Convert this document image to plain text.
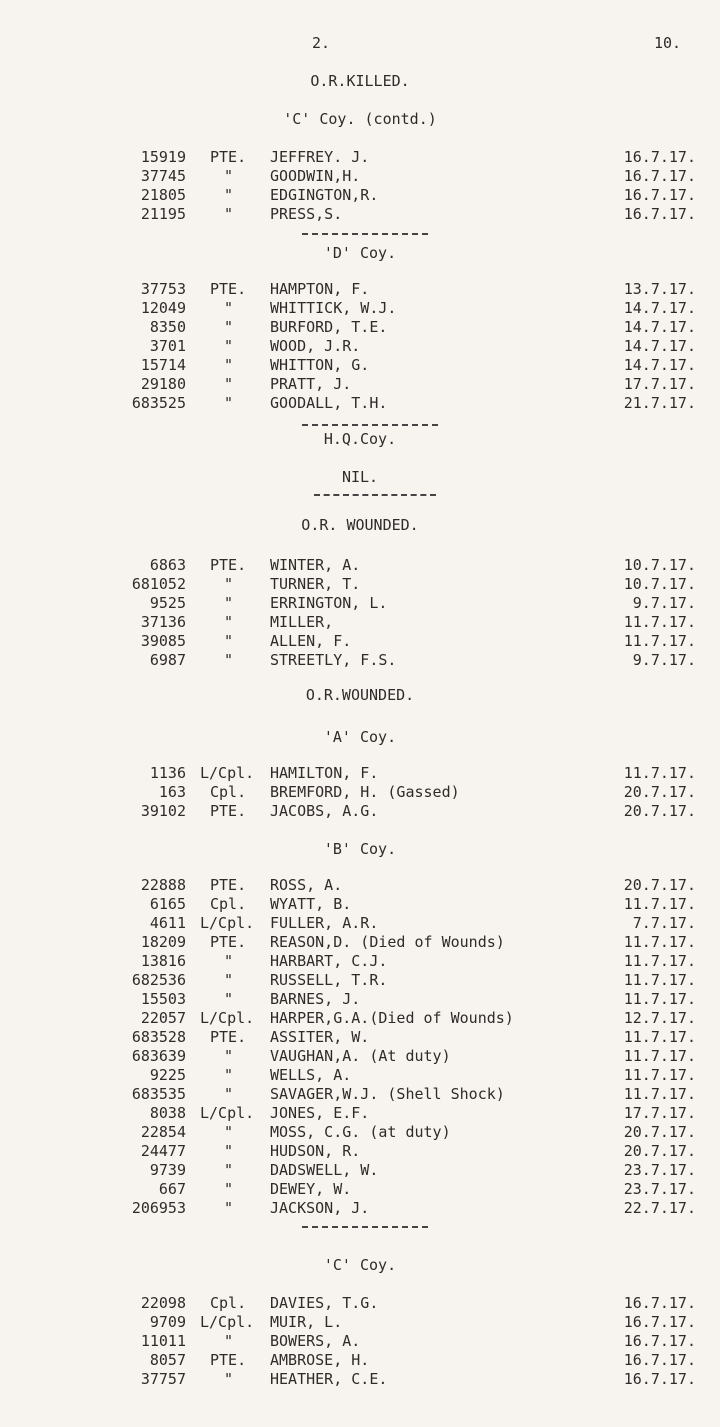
2.	10.
O.R.KILLED.
'C' Coy. (contd.)
'D' Coy.
H.Q.Coy.
NIL.
O.R. WOUNDED.
O.R.WOUNDED.
'A' Coy.
'B' Coy.
'C' Coy.
15919 PTE. JEFFREY. J.	16.7.17.
37745	" GOODWIN,H.	16.7.17.
21805	" EDGINGTON,R.	16.7.17.
21195	" PRESS,S.	16.7.17.
37753 PTE. HAMPTON, F.	13.7.17.
12049	" WHITTICK, W.J.	14.7.17.
8350	" BURFORD, T.E.	14.7.17.
3701	" WOOD, J.R.	14.7.17.
15714	" WHITTON, G.	14.7.17.
29180	" PRATT, J.	17.7.17.
683525	" GOODALL, T.H.	21.7.17.
6863 PTE. WINTER, A.	10.7.17.
681052	" TURNER, T.	10.7.17.
9525	" ERRINGTON, L.	9.7.17.
37136	" MILLER,	11.7.17.
39085	" ALLEN, F.	11.7.17.
6987	" STREETLY, F.S.	9.7.17.
1136 L/Cpl. HAMILTON, F.	11.7.17.
163 Cpl. BREMFORD, H. (Gassed)	20.7.17.
39102 PTE. JACOBS, A.G.	20.7.17.
22888 PTE. ROSS, A.	20.7.17.
6165 Cpl. WYATT, B.	11.7.17.
4611 L/Cpl. FULLER, A.R.	7.7.17.
18209 PTE. REASON,D. (Died of Wounds)	11.7.17.
13816	" HARBART, C.J.	11.7.17.
682536	" RUSSELL, T.R.	11.7.17.
15503	" BARNES, J.	11.7.17.
22057 L/Cpl. HARPER,G.A.(Died of Wounds)	12.7.17.
683528 PTE. ASSITER, W.	11.7.17.
683639	" VAUGHAN,A. (At duty)	11.7.17.
9225	" WELLS, A.	11.7.17.
683535	" SAVAGER,W.J. (Shell Shock)	11.7.17.
8038 L/Cpl. JONES, E.F.	17.7.17.
22854	" MOSS, C.G. (at duty)	20.7.17.
24477	" HUDSON, R.	20.7.17.
9739	" DADSWELL, W.	23.7.17.
667	" DEWEY, W.	23.7.17.
206953	" JACKSON, J.	22.7.17.
22098 Cpl. DAVIES, T.G.	16.7.17.
9709 L/Cpl. MUIR, L.	16.7.17.
11011	" BOWERS, A.	16.7.17.
8057 PTE. AMBROSE, H.	16.7.17.
37757	" HEATHER, C.E.	16.7.17.
